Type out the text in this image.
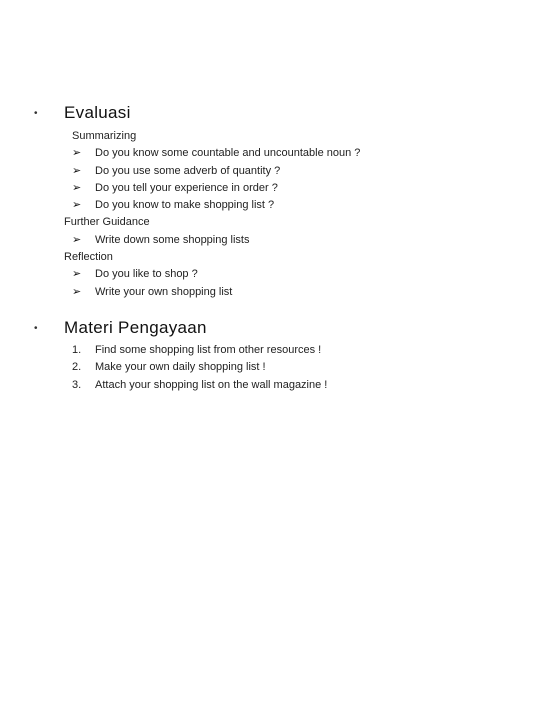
• Evaluasi
Summarizing
➢ Do you know some countable and uncountable noun ?
➢ Do you use some adverb of quantity ?
➢ Do you tell your experience in order ?
➢ Do you know to make shopping list ?
Further Guidance
➢ Write down some shopping lists
Reflection
➢ Do you like to shop ?
➢ Write your own shopping list
• Materi Pengayaan
1.	Find some shopping list from other resources !
2.	Make your own daily shopping list !
3.	Attach your shopping list on the wall magazine !
